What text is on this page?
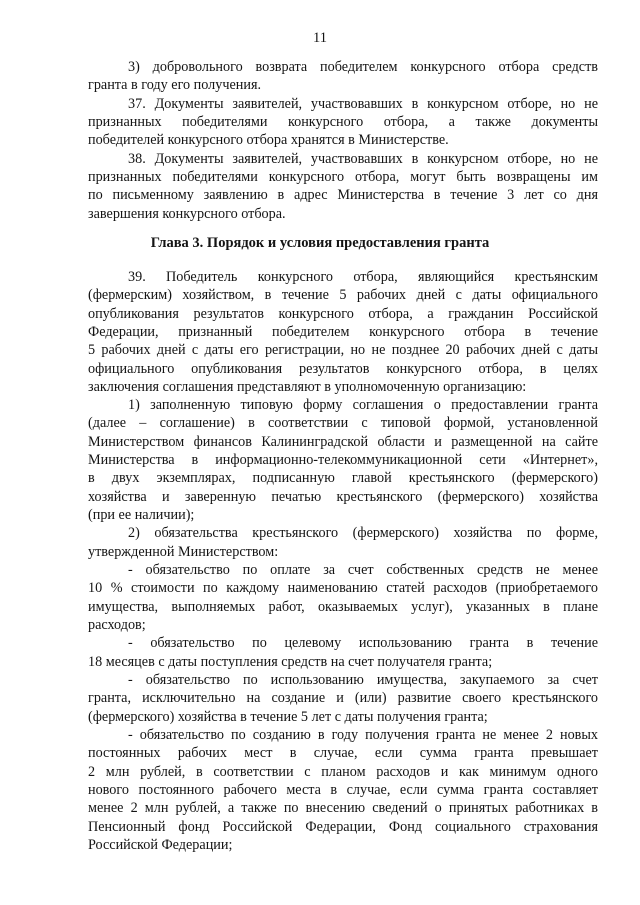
11
Глава 3. Порядок и условия предоставления гранта
3) добровольного возврата победителем конкурсного отбора средств
гранта в году его получения.
37. Документы заявителей, участвовавших в конкурсном отборе, но не
признанных победителями конкурсного отбора, а также документы
победителей конкурсного отбора хранятся в Министерстве.
38. Документы заявителей, участвовавших в конкурсном отборе, но не
признанных победителями конкурсного отбора, могут быть возвращены им
по письменному заявлению в адрес Министерства в течение 3 лет со дня
завершения конкурсного отбора.
39. Победитель конкурсного отбора, являющийся крестьянским
(фермерским) хозяйством, в течение 5 рабочих дней с даты официального
опубликования результатов конкурсного отбора, а гражданин Российской
Федерации, признанный победителем конкурсного отбора в течение
5 рабочих дней с даты его регистрации, но не позднее 20 рабочих дней с даты
официального опубликования результатов конкурсного отбора, в целях
заключения соглашения представляют в уполномоченную организацию:
1) заполненную типовую форму соглашения о предоставлении гранта
(далее – соглашение) в соответствии с типовой формой, установленной
Министерством финансов Калининградской области и размещенной на сайте
Министерства в информационно-телекоммуникационной сети «Интернет»,
в двух экземплярах, подписанную главой крестьянского (фермерского)
хозяйства и заверенную печатью крестьянского (фермерского) хозяйства
(при ее наличии);
2) обязательства крестьянского (фермерского) хозяйства по форме,
утвержденной Министерством:
- обязательство по оплате за счет собственных средств не менее
10 % стоимости по каждому наименованию статей расходов (приобретаемого
имущества, выполняемых работ, оказываемых услуг), указанных в плане
расходов;
- обязательство по целевому использованию гранта в течение
18 месяцев с даты поступления средств на счет получателя гранта;
- обязательство по использованию имущества, закупаемого за счет
гранта, исключительно на создание и (или) развитие своего крестьянского
(фермерского) хозяйства в течение 5 лет с даты получения гранта;
- обязательство по созданию в году получения гранта не менее 2 новых
постоянных рабочих мест в случае, если сумма гранта превышает
2 млн рублей, в соответствии с планом расходов и как минимум одного
нового постоянного рабочего места в случае, если сумма гранта составляет
менее 2 млн рублей, а также по внесению сведений о принятых работниках в
Пенсионный фонд Российской Федерации, Фонд социального страхования
Российской Федерации;
